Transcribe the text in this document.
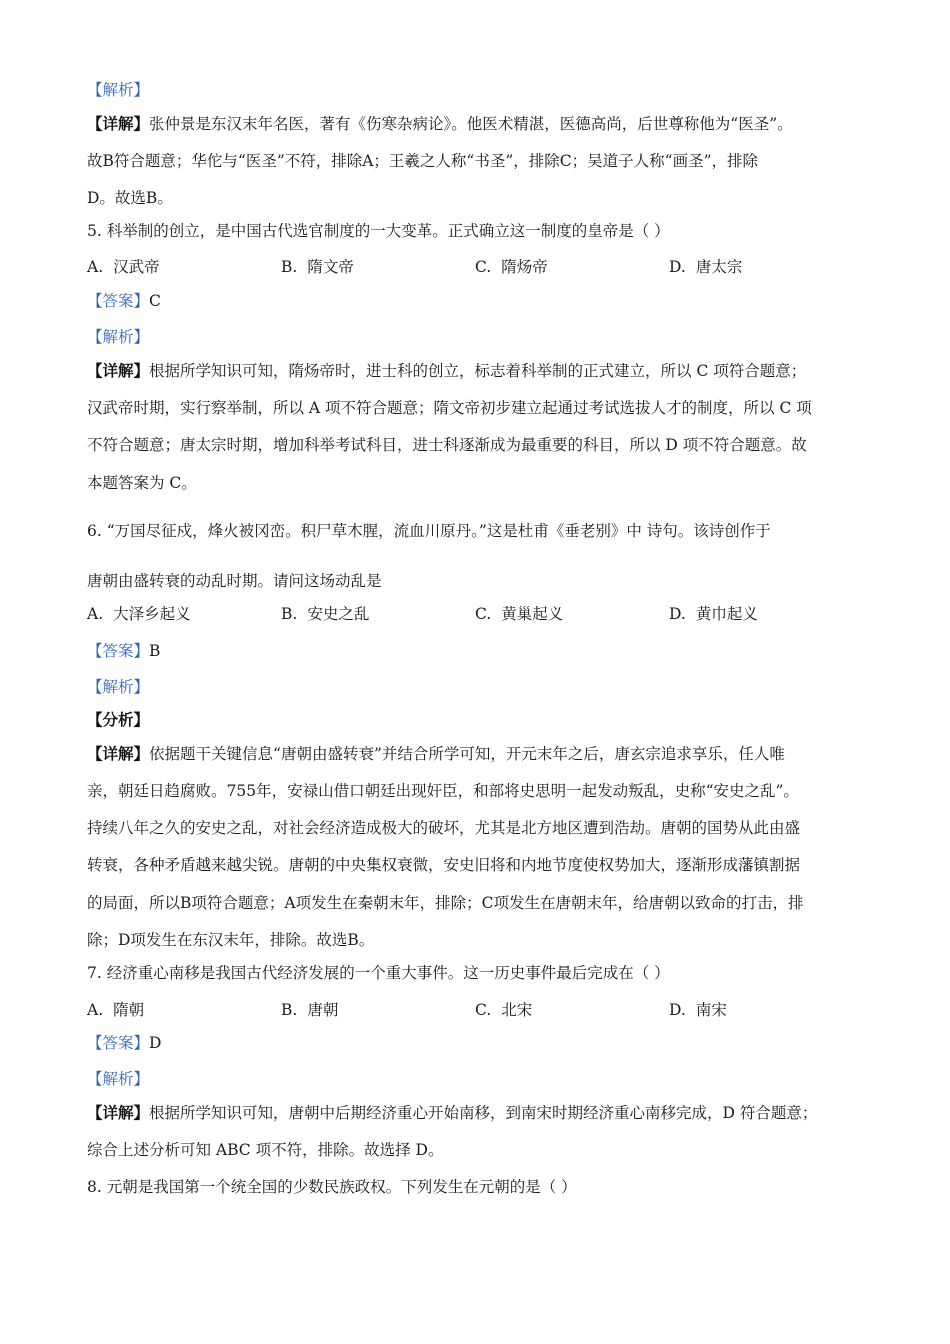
【解析】
【详解】张仲景是东汉末年名医，著有《伤寒杂病论》。他医术精湛，医德高尚，后世尊称他为“医圣”。
故B符合题意；华佗与“医圣”不符，排除A；王羲之人称“书圣”，排除C；吴道子人称“画圣”，排除
D。故选B。
5. 科举制的创立，是中国古代选官制度的一大变革。正式确立这一制度的皇帝是（ ）
A. 汉武帝	B. 隋文帝	C. 隋炀帝	D. 唐太宗
【答案】C
【解析】
【详解】根据所学知识可知，隋炀帝时，进士科的创立，标志着科举制的正式建立，所以 C 项符合题意；
汉武帝时期，实行察举制，所以 A 项不符合题意；隋文帝初步建立起通过考试选拔人才的制度，所以 C 项
不符合题意；唐太宗时期，增加科举考试科目，进士科逐渐成为最重要的科目，所以 D 项不符合题意。故
本题答案为 C。
6. “万国尽征戍，烽火被冈峦。积尸草木腥，流血川原丹。”这是杜甫《垂老别》中 诗句。该诗创作于
唐朝由盛转衰的动乱时期。请问这场动乱是
A. 大泽乡起义	B. 安史之乱	C. 黄巢起义	D. 黄巾起义
【答案】B
【解析】
【分析】
【详解】依据题干关键信息“唐朝由盛转衰”并结合所学可知，开元末年之后，唐玄宗追求享乐，任人唯
亲，朝廷日趋腐败。755年，安禄山借口朝廷出现奸臣，和部将史思明一起发动叛乱，史称“安史之乱”。
持续八年之久的安史之乱，对社会经济造成极大的破坏，尤其是北方地区遭到浩劫。唐朝的国势从此由盛
转衰，各种矛盾越来越尖锐。唐朝的中央集权衰微，安史旧将和内地节度使权势加大，逐渐形成藩镇割据
的局面，所以B项符合题意；A项发生在秦朝末年，排除；C项发生在唐朝末年，给唐朝以致命的打击，排
除；D项发生在东汉末年，排除。故选B。
7. 经济重心南移是我国古代经济发展的一个重大事件。这一历史事件最后完成在（ ）
A. 隋朝	B. 唐朝	C. 北宋	D. 南宋
【答案】D
【解析】
【详解】根据所学知识可知，唐朝中后期经济重心开始南移，到南宋时期经济重心南移完成，D 符合题意；
综合上述分析可知 ABC 项不符，排除。故选择 D。
8. 元朝是我国第一个统全国的少数民族政权。下列发生在元朝的是（ ）
